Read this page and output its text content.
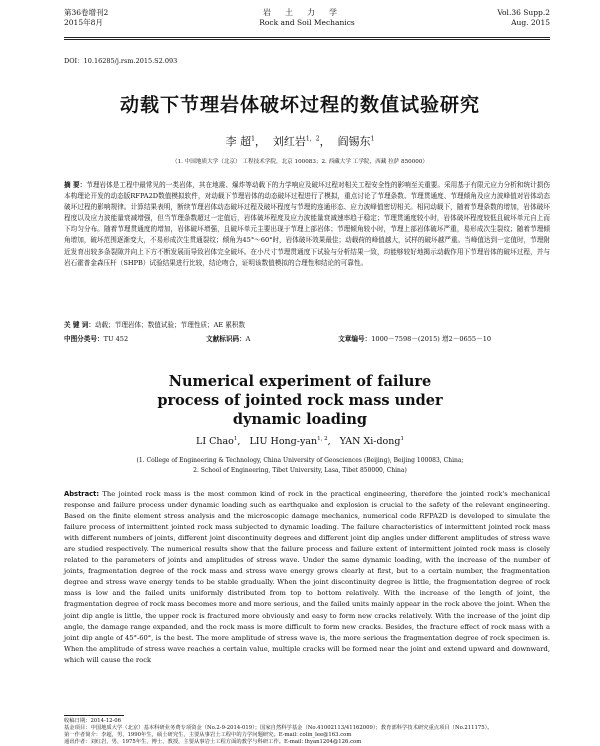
第36卷增刊2
2015年8月
岩土力学
Rock and Soil Mechanics
Vol.36 Supp.2
Aug. 2015
DOI：10.16285/j.rsm.2015.S2.093
动载下节理岩体破坏过程的数值试验研究
李 超$^1$，  刘红岩$^{1,2}$，  阎锡东$^1$
（1. 中国地质大学（北京） 工程技术学院，北京 100083；2. 西藏大学 工学院，西藏 拉萨 850000）
摘 要：节理岩体是工程中最常见的一类岩体，其在地震、爆炸等动载下的力学响应及破坏过程对相关工程安全性的影响至关重要。采用基于有限元应力分析和统计损伤本构理论开发的动态版RFPA2D数值模拟软件，对动载下节理岩体的动态破坏过程进行了模拟，重点讨论了节理条数、节理贯通度、节理倾角及应力波峰值对岩体动态破坏过程的影响规律。计算结果表明，断续节理岩体动态破坏过程及破坏程度与节理的连通形态、应力波峰值密切相关。相同动载下，随着节理条数的增加，岩体破坏程度以及应力波能量衰减增强，但当节理条数超过一定值后，岩体破坏程度及应力波能量衰减速率趋于稳定；节理贯通度较小时，岩体破坏程度较低且破坏单元自上而下均匀分布。随着节理贯通度的增加，岩体破坏增强，且破坏单元主要出现于节理上部岩体；节理倾角较小时，节理上部岩体破坏严重，易形成次生裂纹；随着节理倾角增加，破坏范围逐渐变大，不易形成次生贯通裂纹；倾角为45°～60°时，岩体破坏效果最佳；动载荷的峰值越大，试样的破坏越严重。当峰值达到一定值时，节理附近发育出较多条裂隙并向上下方不断发展而导致岩体完全破坏。在小尺寸节理贯通度下试验与分析结果一致，均能够较好地揭示动载作用下节理岩体的破坏过程，并与岩石霍普金森压杆（SHPB）试验结果进行比较，结论吻合，证明该数值模拟的合理性和结论的可靠性。
关 键 词：动载；节理岩体；数值试验；节理性质；AE 累积数
中图分类号：TU 452	文献标识码：A	文章编号：1000－7598－(2015) 增2－0655－10
Numerical experiment of failure process of jointed rock mass under dynamic loading
LI Chao$^1$,   LIU Hong-yan$^{1, 2}$,   YAN Xi-dong$^1$
(1. College of Engineering & Technology, China University of Geosciences (Beijing), Beijing 100083, China;
2. School of Engineering, Tibet University, Lasa, Tibet 850000, China)
Abstract: The jointed rock mass is the most common kind of rock in the practical engineering, therefore the jointed rock's mechanical response and failure process under dynamic loading such as earthquake and explosion is crucial to the safety of the relevant engineering. Based on the finite element stress analysis and the microscopic damage mechanics, numerical code RFPA2D is developed to simulate the failure process of intermittent jointed rock mass subjected to dynamic loading. The failure characteristics of intermittent jointed rock mass with different numbers of joints, different joint discontinuity degrees and different joint dip angles under different amplitudes of stress wave are studied respectively. The numerical results show that the failure process and failure extent of intermittent jointed rock mass is closely related to the parameters of joints and amplitudes of stress wave. Under the same dynamic loading, with the increase of the number of joints, fragmentation degree of the rock mass and stress wave energy grows clearly at first, but to a certain number, the fragmentation degree and stress wave energy tends to be stable gradually. When the joint discontinuity degree is little, the fragmentation degree of rock mass is low and the failed units uniformly distributed from top to bottom relatively. With the increase of the length of joint, the fragmentation degree of rock mass becomes more and more serious, and the failed units mainly appear in the rock above the joint. When the joint dip angle is little, the upper rock is fractured more obviously and easy to form new cracks relatively. With the increase of the joint dip angle, the damage range expanded, and the rock mass is more difficult to form new cracks. Besides, the fracture effect of rock mass with a joint dip angle of 45°-60°, is the best. The more amplitude of stress wave is, the more serious the fragmentation degree of rock specimen is. When the amplitude of stress wave reaches a certain value, multiple cracks will be formed near the joint and extend upward and downward, which will cause the rock
收稿日期：2014-12-06
基金项目：中国地质大学（北京）基本科研业务费专项资金（No.2-9-2014-019）；国家自然科学基金（No.41002113/41162009）；教育部科学技术研究重点项目（No.211175）。
第一作者简介：李超，男，1990年生，硕士研究生，主要从事岩土工程中的力学问题研究。E-mail: colin_lee@163.com
通讯作者：刘红岩，男，1975年生，博士，教授，主要从事岩土工程方面的教学与科研工作。E-mail: lhyan1204@126.com
